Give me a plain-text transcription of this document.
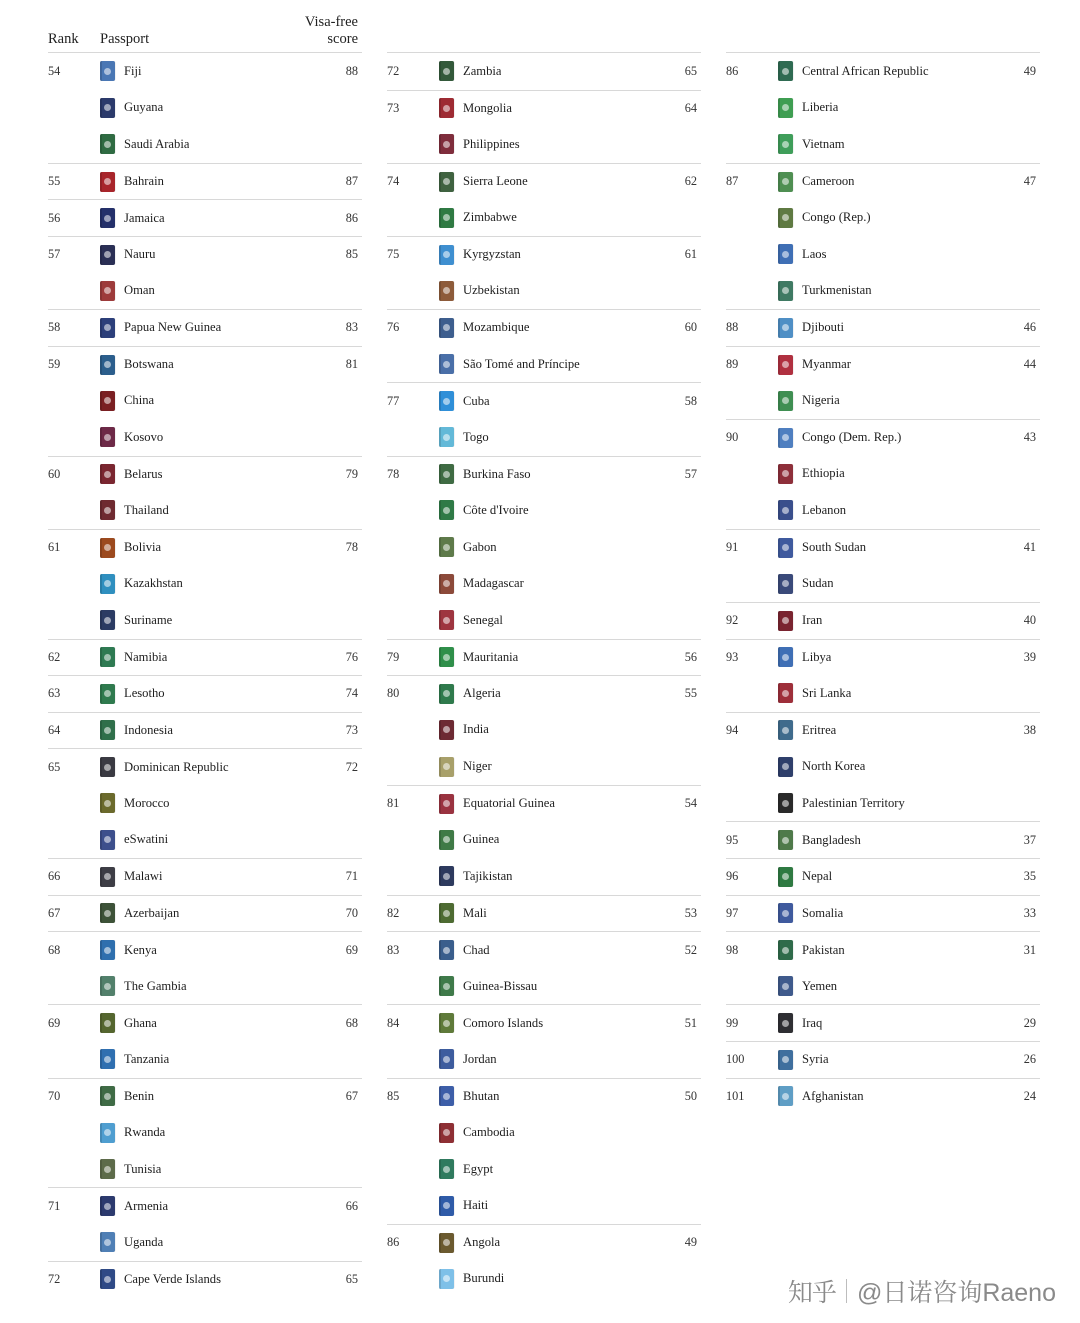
Rank	Passport
Visa-free score
54	Fiji	88
Guyana
Saudi Arabia
55	Bahrain	87
56	Jamaica	86
57	Nauru	85
Oman
58	Papua New Guinea	83
59	Botswana	81
China
Kosovo
60	Belarus	79
Thailand
61	Bolivia	78
Kazakhstan
Suriname
62	Namibia	76
63	Lesotho	74
64	Indonesia	73
65	Dominican Republic	72
Morocco
eSwatini
66	Malawi	71
67	Azerbaijan	70
68	Kenya	69
The Gambia
69	Ghana	68
Tanzania
70	Benin	67
Rwanda
Tunisia
71	Armenia	66
Uganda
72	Cape Verde Islands	65
72	Zambia	65
73	Mongolia	64
Philippines
74	Sierra Leone	62
Zimbabwe
75	Kyrgyzstan	61
Uzbekistan
76	Mozambique	60
São Tomé and Príncipe
77	Cuba	58
Togo
78	Burkina Faso	57
Côte d'Ivoire
Gabon
Madagascar
Senegal
79	Mauritania	56
80	Algeria	55
India
Niger
81	Equatorial Guinea	54
Guinea
Tajikistan
82	Mali	53
83	Chad	52
Guinea-Bissau
84	Comoro Islands	51
Jordan
85	Bhutan	50
Cambodia
Egypt
Haiti
86	Angola	49
Burundi
86	Central African Republic	49
Liberia
Vietnam
87	Cameroon	47
Congo (Rep.)
Laos
Turkmenistan
88	Djibouti	46
89	Myanmar	44
Nigeria
90	Congo (Dem. Rep.)	43
Ethiopia
Lebanon
91	South Sudan	41
Sudan
92	Iran	40
93	Libya	39
Sri Lanka
94	Eritrea	38
North Korea
Palestinian Territory
95	Bangladesh	37
96	Nepal	35
97	Somalia	33
98	Pakistan	31
Yemen
99	Iraq	29
100	Syria	26
101	Afghanistan	24
知乎 @日诺咨询Raeno
